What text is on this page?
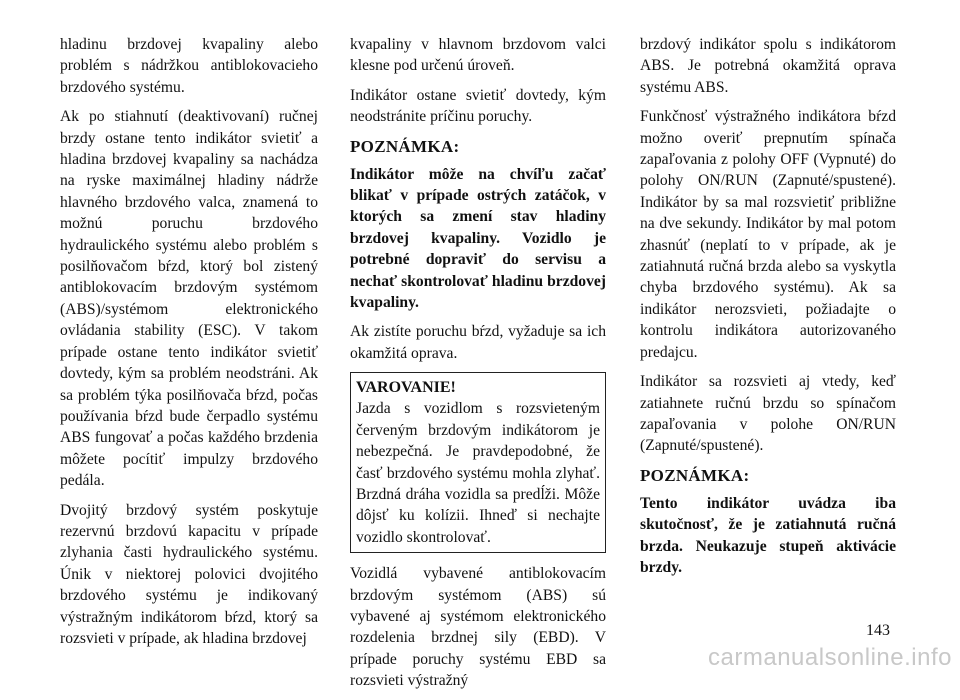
hladinu brzdovej kvapaliny alebo problém s nádržkou antiblokovacieho brzdového systému.

Ak po stiahnutí (deaktivovaní) ručnej brzdy ostane tento indikátor svietiť a hladina brzdovej kvapaliny sa nachádza na ryske maximálnej hladiny nádrže hlavného brzdového valca, znamená to možnú poruchu brzdového hydraulického systému alebo problém s posilňovačom bŕzd, ktorý bol zistený antiblokovacím brzdovým systémom (ABS)/systémom elektronického ovládania stability (ESC). V takom prípade ostane tento indikátor svietiť dovtedy, kým sa problém neodstráni. Ak sa problém týka posilňovača bŕzd, počas používania bŕzd bude čerpadlo systému ABS fungovať a počas každého brzdenia môžete pocítiť impulzy brzdového pedála.

Dvojitý brzdový systém poskytuje rezervnú brzdovú kapacitu v prípade zlyhania časti hydraulického systému. Únik v niektorej polovici dvojitého brzdového systému je indikovaný výstražným indikátorom bŕzd, ktorý sa rozsvieti v prípade, ak hladina brzdovej

kvapaliny v hlavnom brzdovom valci klesne pod určenú úroveň.

Indikátor ostane svietiť dovtedy, kým neodstránite príčinu poruchy.

POZNÁMKA:

Indikátor môže na chvíľu začať blikať v prípade ostrých zatáčok, v ktorých sa zmení stav hladiny brzdovej kvapaliny. Vozidlo je potrebné dopraviť do servisu a nechať skontrolovať hladinu brzdovej kvapaliny.

Ak zistíte poruchu bŕzd, vyžaduje sa ich okamžitá oprava.

VAROVANIE!

Jazda s vozidlom s rozsvieteným červeným brzdovým indikátorom je nebezpečná. Je pravdepodobné, že časť brzdového systému mohla zlyhať. Brzdná dráha vozidla sa predĺži. Môže dôjsť ku kolízii. Ihneď si nechajte vozidlo skontrolovať.

Vozidlá vybavené antiblokovacím brzdovým systémom (ABS) sú vybavené aj systémom elektronického rozdelenia brzdnej sily (EBD). V prípade poruchy systému EBD sa rozsvieti výstražný

brzdový indikátor spolu s indikátorom ABS. Je potrebná okamžitá oprava systému ABS.

Funkčnosť výstražného indikátora bŕzd možno overiť prepnutím spínača zapaľovania z polohy OFF (Vypnuté) do polohy ON/RUN (Zapnuté/spustené). Indikátor by sa mal rozsvietiť približne na dve sekundy. Indikátor by mal potom zhasnúť (neplatí to v prípade, ak je zatiahnutá ručná brzda alebo sa vyskytla chyba brzdového systému). Ak sa indikátor nerozsvieti, požiadajte o kontrolu indikátora autorizovaného predajcu.

Indikátor sa rozsvieti aj vtedy, keď zatiahnete ručnú brzdu so spínačom zapaľovania v polohe ON/RUN (Zapnuté/spustené).

POZNÁMKA:

Tento indikátor uvádza iba skutočnosť, že je zatiahnutá ručná brzda. Neukazuje stupeň aktivácie brzdy.

143
carmanualsonline.info
